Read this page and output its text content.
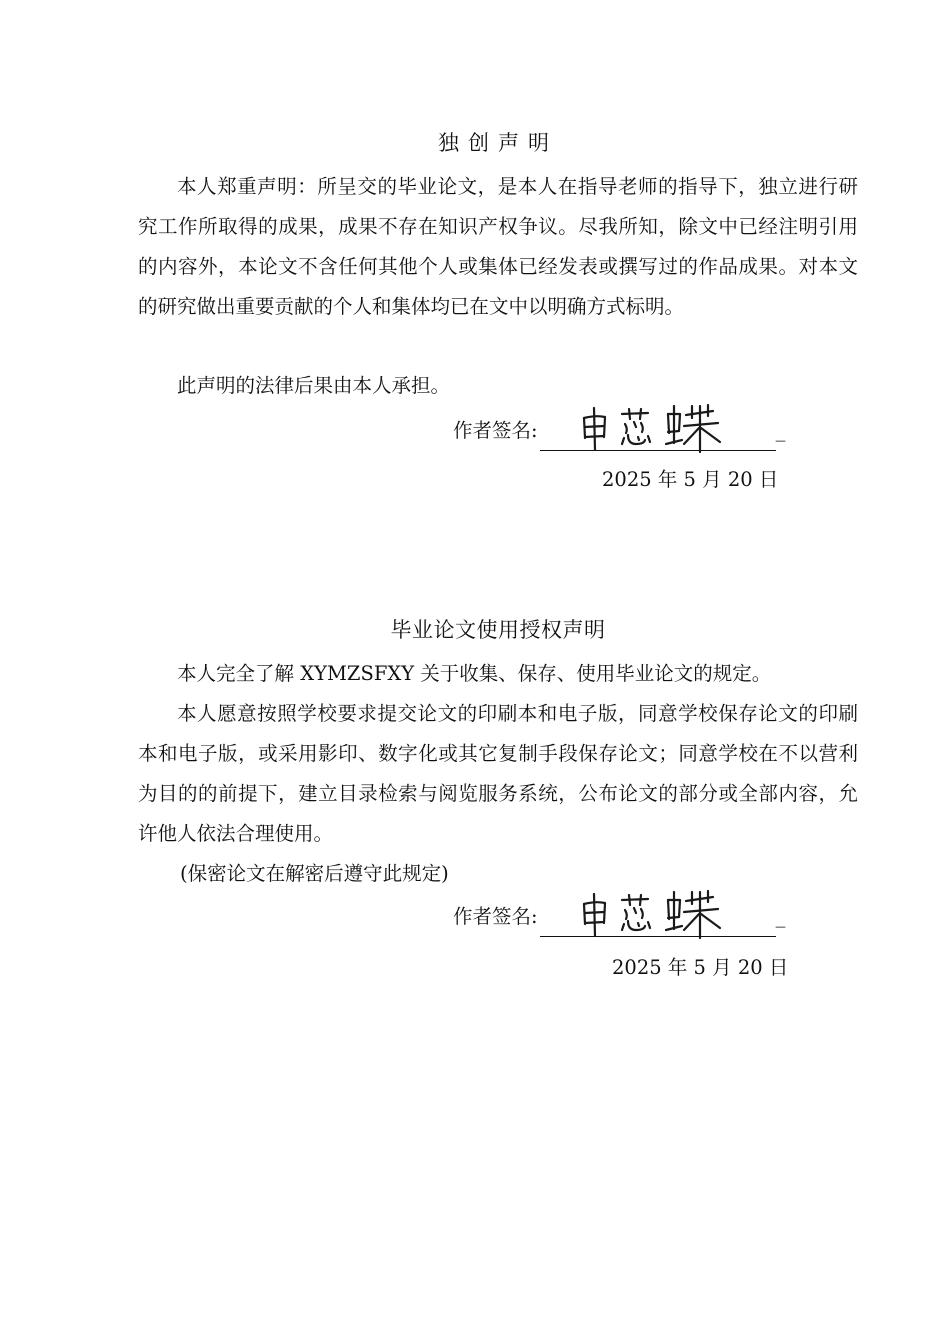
独创声明

本人郑重声明：所呈交的毕业论文，是本人在指导老师的指导下，独立进行研究工作所取得的成果，成果不存在知识产权争议。尽我所知，除文中已经注明引用的内容外，本论文不含任何其他个人或集体已经发表或撰写过的作品成果。对本文的研究做出重要贡献的个人和集体均已在文中以明确方式标明。

此声明的法律后果由本人承担。

作者签名:	_
2025 年 5 月 20 日
毕业论文使用授权声明

本人完全了解 XYMZSFXY 关于收集、保存、使用毕业论文的规定。

本人愿意按照学校要求提交论文的印刷本和电子版，同意学校保存论文的印刷本和电子版，或采用影印、数字化或其它复制手段保存论文；同意学校在不以营利为目的的前提下，建立目录检索与阅览服务系统，公布论文的部分或全部内容，允许他人依法合理使用。

(保密论文在解密后遵守此规定)
作者签名:	_
2025 年 5 月 20 日
